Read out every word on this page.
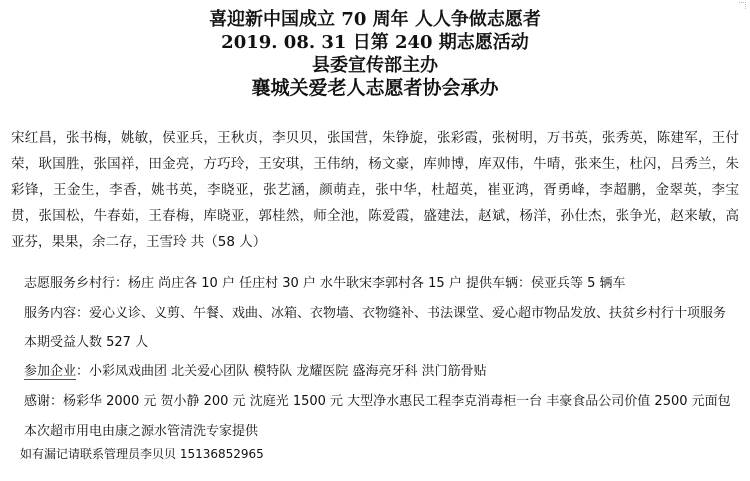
喜迎新中国成立 70 周年 人人争做志愿者
2019. 08. 31 日第 240 期志愿活动
县委宣传部主办
襄城关爱老人志愿者协会承办
宋红昌，张书梅，姚敏，侯亚兵，王秋贞，李贝贝，张国营，朱铮旋，张彩霞，张树明，万书英，张秀英，陈建军，王付荣，耿国胜，张国祥，田金亮，方巧玲，王安琪，王伟纳，杨文豪，库帅博，库双伟，牛晴，张来生，杜闪，吕秀兰，朱彩锋，王金生，李香，姚书英，李晓亚，张艺涵，颜萌垚，张中华，杜超英，崔亚鸿，胥勇峰，李超鹏，金翠英，李宝贯，张国松，牛春茹，王春梅，库晓亚，郭桂然，师全池，陈爱霞，盛建法，赵斌，杨洋，孙仕杰，张争光，赵来敏，高亚芬，果果，余二存，王雪玲 共（58 人）
志愿服务乡村行：杨庄 尚庄各 10 户 任庄村 30 户 水牛耿宋李郭村各 15 户 提供车辆：侯亚兵等 5 辆车
服务内容：爱心义诊、义剪、午餐、戏曲、冰箱、衣物墙、衣物缝补、书法课堂、爱心超市物品发放、扶贫乡村行十项服务
本期受益人数 527 人
参加企业：小彩凤戏曲团 北关爱心团队 模特队 龙耀医院 盛海亮牙科 洪门筋骨贴
感谢：杨彩华 2000 元 贺小静 200 元 沈庭光 1500 元 大型净水惠民工程李克消毒柜一台 丰豪食品公司价值 2500 元面包
本次超市用电由康之源水管清洗专家提供
如有漏记请联系管理员李贝贝 15136852965
